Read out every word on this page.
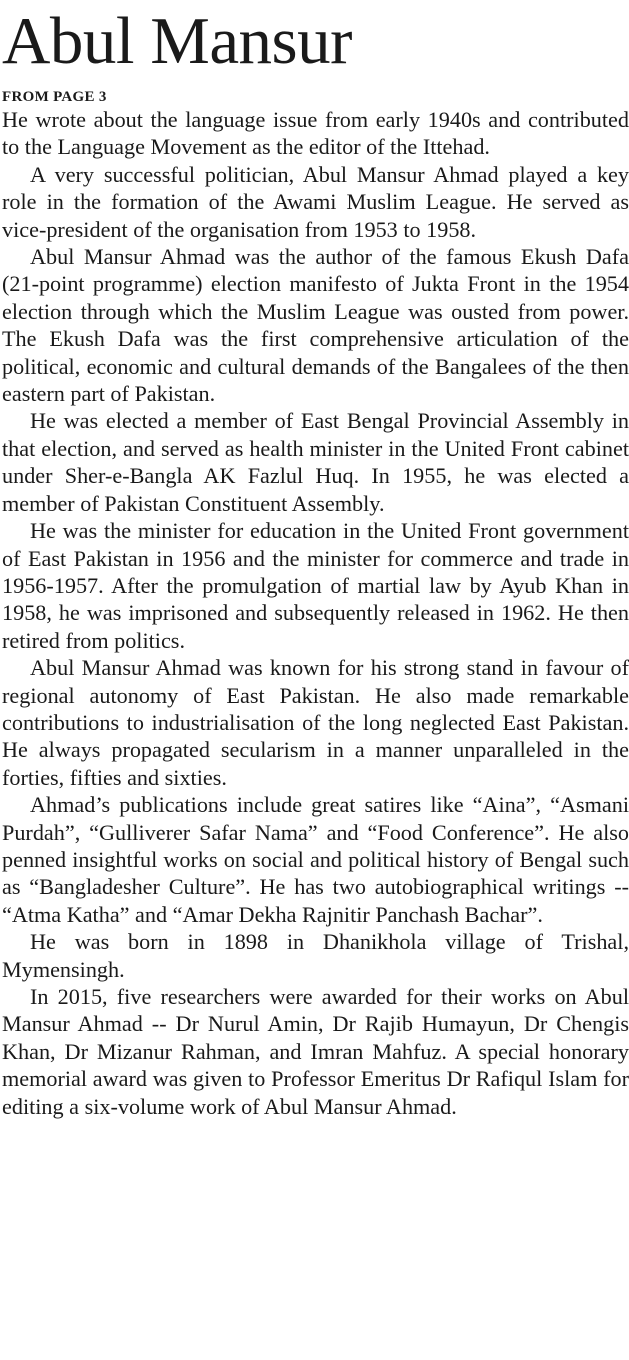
Abul Mansur
FROM PAGE 3

He wrote about the language issue from early 1940s and contributed to the Language Movement as the editor of the Ittehad.

A very successful politician, Abul Mansur Ahmad played a key role in the formation of the Awami Muslim League. He served as vice-president of the organisation from 1953 to 1958.

Abul Mansur Ahmad was the author of the famous Ekush Dafa (21-point programme) election manifesto of Jukta Front in the 1954 election through which the Muslim League was ousted from power. The Ekush Dafa was the first comprehensive articulation of the political, economic and cultural demands of the Bangalees of the then eastern part of Pakistan.

He was elected a member of East Bengal Provincial Assembly in that election, and served as health minister in the United Front cabinet under Sher-e-Bangla AK Fazlul Huq. In 1955, he was elected a member of Pakistan Constituent Assembly.

He was the minister for education in the United Front government of East Pakistan in 1956 and the minister for commerce and trade in 1956-1957. After the promulgation of martial law by Ayub Khan in 1958, he was imprisoned and subsequently released in 1962. He then retired from politics.

Abul Mansur Ahmad was known for his strong stand in favour of regional autonomy of East Pakistan. He also made remarkable contributions to industrialisation of the long neglected East Pakistan. He always propagated secularism in a manner unparalleled in the forties, fifties and sixties.

Ahmad’s publications include great satires like “Aina”, “Asmani Purdah”, “Gulliverer Safar Nama” and “Food Conference”. He also penned insightful works on social and political history of Bengal such as “Bangladesher Culture”. He has two autobiographical writings -- “Atma Katha” and “Amar Dekha Rajnitir Panchash Bachar”.

He was born in 1898 in Dhanikhola village of Trishal, Mymensingh.

In 2015, five researchers were awarded for their works on Abul Mansur Ahmad -- Dr Nurul Amin, Dr Rajib Humayun, Dr Chengis Khan, Dr Mizanur Rahman, and Imran Mahfuz. A special honorary memorial award was given to Professor Emeritus Dr Rafiqul Islam for editing a six-volume work of Abul Mansur Ahmad.
